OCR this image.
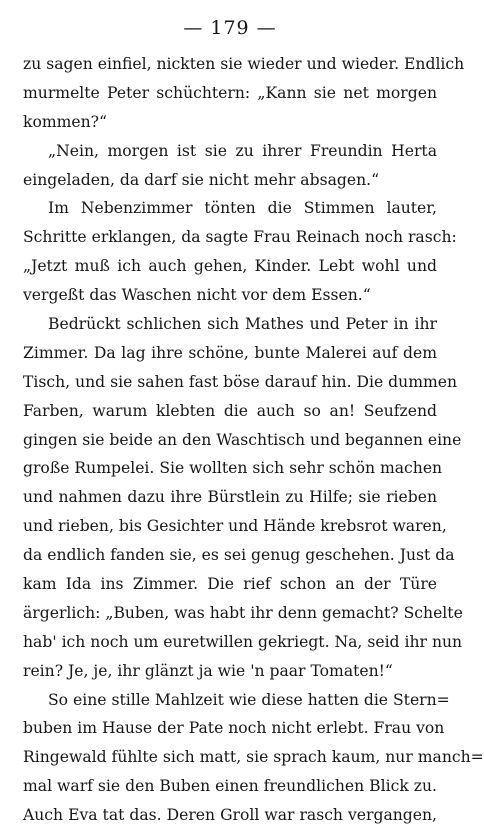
— 179 —
zu sagen einfiel, nickten sie wieder und wieder. Endlich
murmelte Peter schüchtern: „Kann sie net morgen
kommen?“
„Nein, morgen ist sie zu ihrer Freundin Herta
eingeladen, da darf sie nicht mehr absagen.“
Im Nebenzimmer tönten die Stimmen lauter,
Schritte erklangen, da sagte Frau Reinach noch rasch:
„Jetzt muß ich auch gehen, Kinder. Lebt wohl und
vergeßt das Waschen nicht vor dem Essen.“
Bedrückt schlichen sich Mathes und Peter in ihr
Zimmer. Da lag ihre schöne, bunte Malerei auf dem
Tisch, und sie sahen fast böse darauf hin. Die dummen
Farben, warum klebten die auch so an! Seufzend
gingen sie beide an den Waschtisch und begannen eine
große Rumpelei. Sie wollten sich sehr schön machen
und nahmen dazu ihre Bürstlein zu Hilfe; sie rieben
und rieben, bis Gesichter und Hände krebsrot waren,
da endlich fanden sie, es sei genug geschehen. Just da
kam Ida ins Zimmer. Die rief schon an der Türe
ärgerlich: „Buben, was habt ihr denn gemacht? Schelte
hab' ich noch um euretwillen gekriegt. Na, seid ihr nun
rein? Je, je, ihr glänzt ja wie 'n paar Tomaten!“
So eine stille Mahlzeit wie diese hatten die Stern=
buben im Hause der Pate noch nicht erlebt. Frau von
Ringewald fühlte sich matt, sie sprach kaum, nur manch=
mal warf sie den Buben einen freundlichen Blick zu.
Auch Eva tat das. Deren Groll war rasch vergangen,
